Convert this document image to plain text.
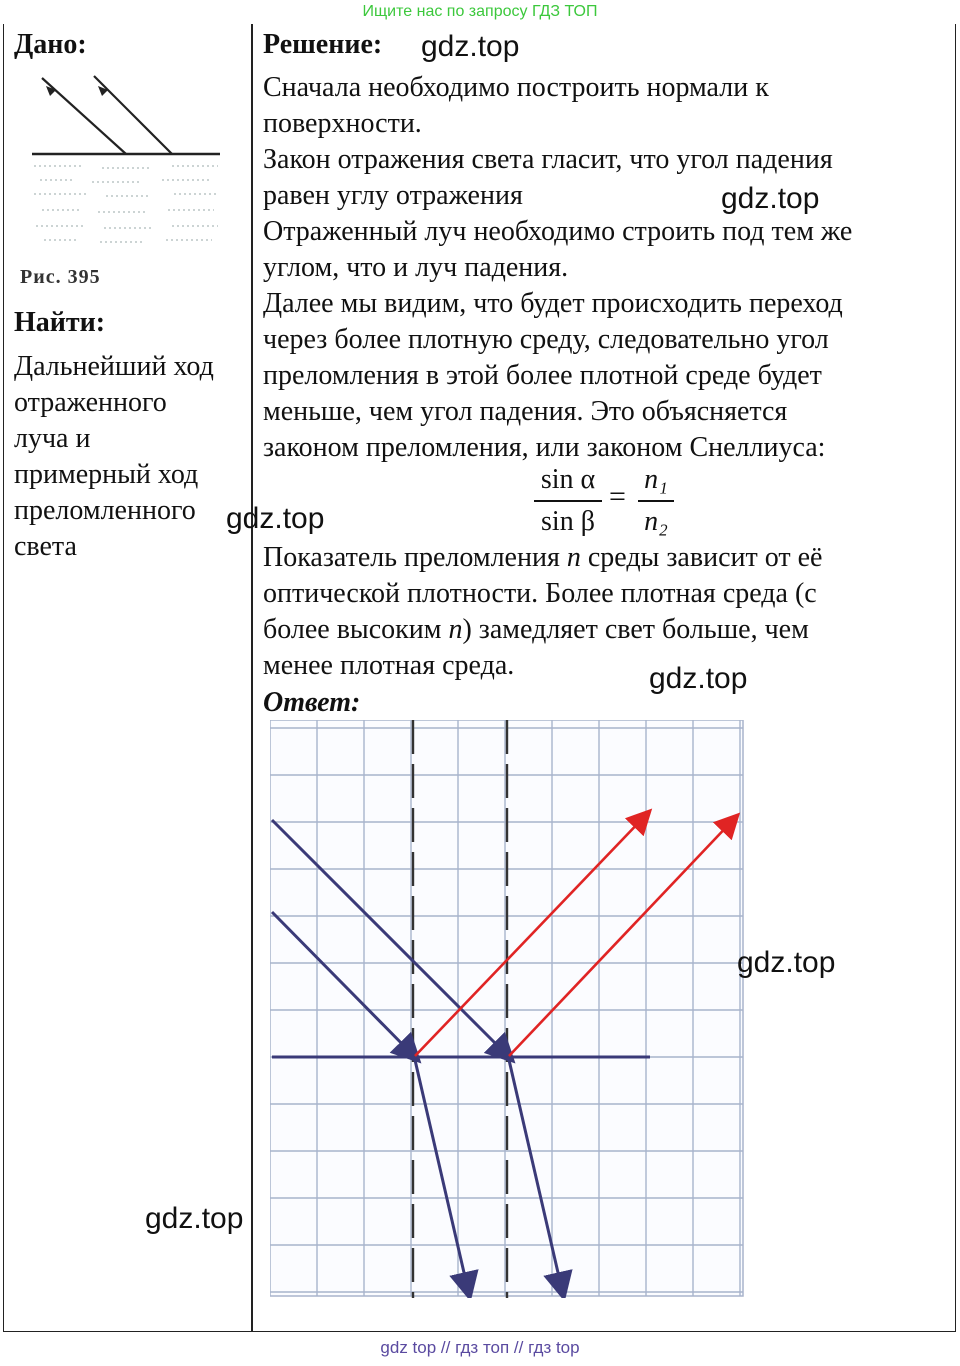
Ищите нас по запросу ГДЗ ТОП
Дано:
Рис. 395
Найти:
Дальнейший ход
отраженного
луча и
примерный ход
преломленного
света
Решение:
Сначала необходимо построить нормали к
поверхности.
Закон отражения света гласит, что угол падения
равен углу отражения
Отраженный луч необходимо строить под тем же
углом, что и луч падения.
Далее мы видим, что будет происходить переход
через более плотную среду, следовательно угол
преломления в этой более плотной среде будет
меньше, чем угол падения. Это объясняется
законом преломления, или законом Снеллиуса:
sin α
sin β
=
n₁
n₂
Показатель преломления n среды зависит от её
оптической плотности. Более плотная среда (с
более высоким n) замедляет свет больше, чем
менее плотная среда.
Ответ:
gdz.top
gdz.top
gdz.top
gdz.top
gdz.top
gdz.top
gdz top // гдз топ // гдз top
